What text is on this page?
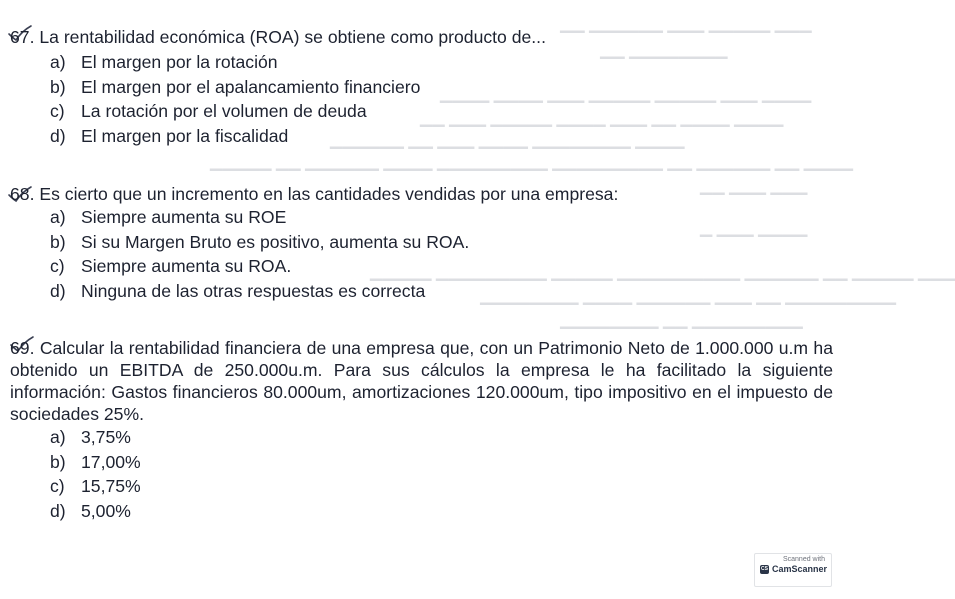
▁▁▁ ▁▁▁▁▁ ▁▁▁ ▁▁▁▁▁▁ ▁▁
▁▁▁▁▁▁▁▁ ▁▁
▁▁▁▁ ▁▁▁ ▁▁▁▁▁ ▁▁▁▁▁ ▁▁▁ ▁▁▁▁ ▁▁▁▁
▁▁▁▁ ▁▁▁▁ ▁▁ ▁▁▁ ▁▁▁▁ ▁▁▁▁▁ ▁▁▁ ▁▁
▁▁▁▁ ▁▁▁▁▁▁▁▁ ▁▁▁▁ ▁▁▁ ▁▁ ▁▁▁▁▁▁
▁▁▁▁ ▁▁ ▁▁▁▁▁▁ ▁▁ ▁▁▁▁▁▁▁▁▁ ▁▁▁▁▁▁▁▁▁ ▁▁▁▁ ▁▁▁▁▁▁ ▁▁ ▁▁▁▁▁
▁▁▁ ▁▁▁ ▁▁
▁▁▁▁ ▁▁▁ ▁
▁▁▁ ▁▁▁▁▁ ▁▁ ▁▁▁▁▁▁ ▁▁▁▁▁▁▁▁▁▁ ▁▁▁▁▁ ▁▁▁▁▁▁▁▁▁ ▁▁▁▁▁
▁▁▁▁▁▁▁▁▁ ▁▁ ▁▁▁ ▁▁▁▁▁▁ ▁▁▁▁ ▁▁▁▁▁▁▁▁
▁▁▁▁▁▁▁▁▁ ▁▁ ▁▁▁▁▁▁▁▁
67. La rentabilidad económica (ROA) se obtiene como producto de...
a) El margen por la rotación
b) El margen por el apalancamiento financiero
c) La rotación por el volumen de deuda
d) El margen por la fiscalidad
68. Es cierto que un incremento en las cantidades vendidas por una empresa:
a) Siempre aumenta su ROE
b) Si su Margen Bruto es positivo, aumenta su ROA.
c) Siempre aumenta su ROA.
d) Ninguna de las otras respuestas es correcta
69. Calcular la rentabilidad financiera de una empresa que, con un Patrimonio Neto de 1.000.000 u.m ha obtenido un EBITDA de 250.000u.m. Para sus cálculos la empresa le ha facilitado la siguiente información: Gastos financieros 80.000um, amortizaciones 120.000um, tipo impositivo en el impuesto de sociedades 25%.
a) 3,75%
b) 17,00%
c) 15,75%
d) 5,00%
Scanned with
CS CamScanner
